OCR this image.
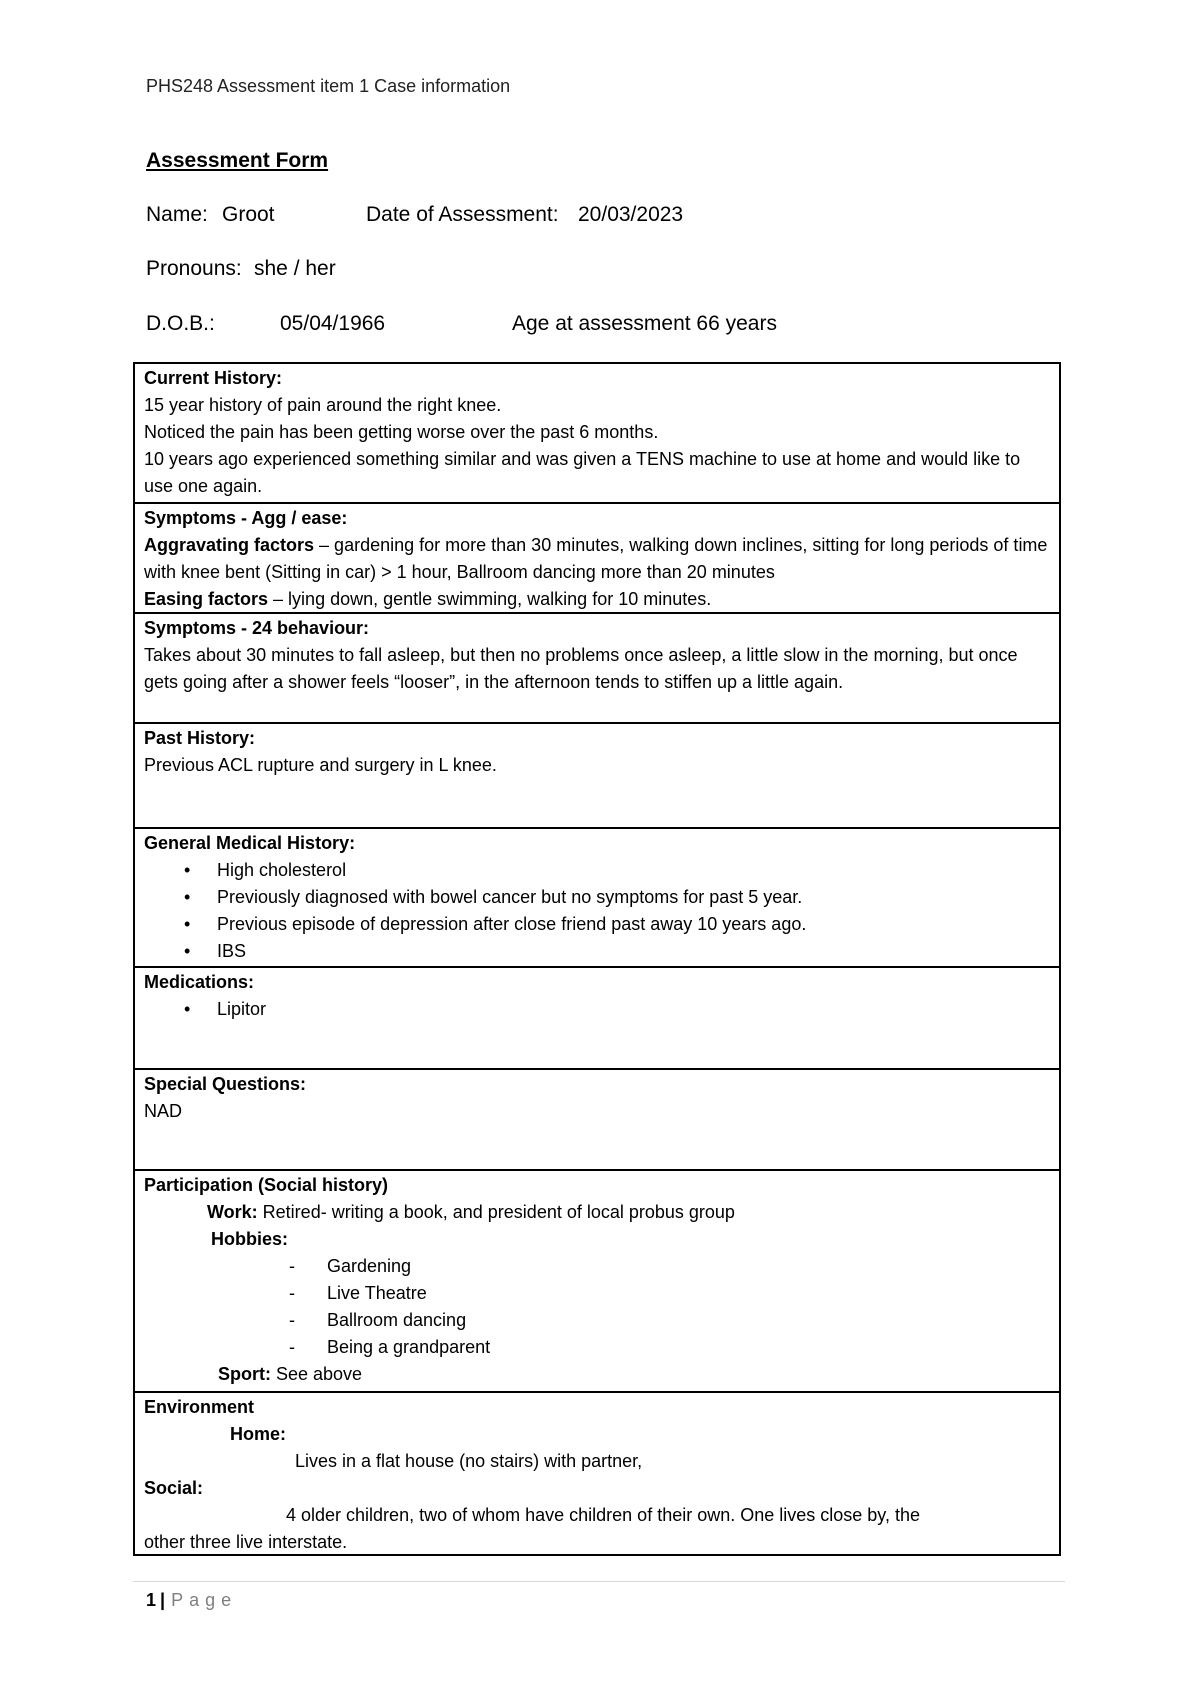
PHS248 Assessment item 1 Case information
Assessment Form
Name: Groot	Date of Assessment: 20/03/2023
Pronouns: she / her
D.O.B.:	05/04/1966	Age at assessment 66 years
Current History:
15 year history of pain around the right knee.
Noticed the pain has been getting worse over the past 6 months.
10 years ago experienced something similar and was given a TENS machine to use at home and would like to use one again.
Symptoms - Agg / ease:
Aggravating factors – gardening for more than 30 minutes, walking down inclines, sitting for long periods of time with knee bent (Sitting in car) > 1 hour, Ballroom dancing more than 20 minutes
Easing factors – lying down, gentle swimming, walking for 10 minutes.
Symptoms - 24 behaviour:
Takes about 30 minutes to fall asleep, but then no problems once asleep, a little slow in the morning, but once gets going after a shower feels “looser”, in the afternoon tends to stiffen up a little again.
Past History:
Previous ACL rupture and surgery in L knee.
General Medical History:
• High cholesterol
• Previously diagnosed with bowel cancer but no symptoms for past 5 year.
• Previous episode of depression after close friend past away 10 years ago.
• IBS
Medications:
• Lipitor
Special Questions:
NAD
Participation (Social history)
Work: Retired- writing a book, and president of local probus group
Hobbies:
- Gardening
- Live Theatre
- Ballroom dancing
- Being a grandparent
Sport: See above
Environment
Home:
Lives in a flat house (no stairs) with partner,
Social:
4 older children, two of whom have children of their own. One lives close by, the
other three live interstate.
1 | Page
